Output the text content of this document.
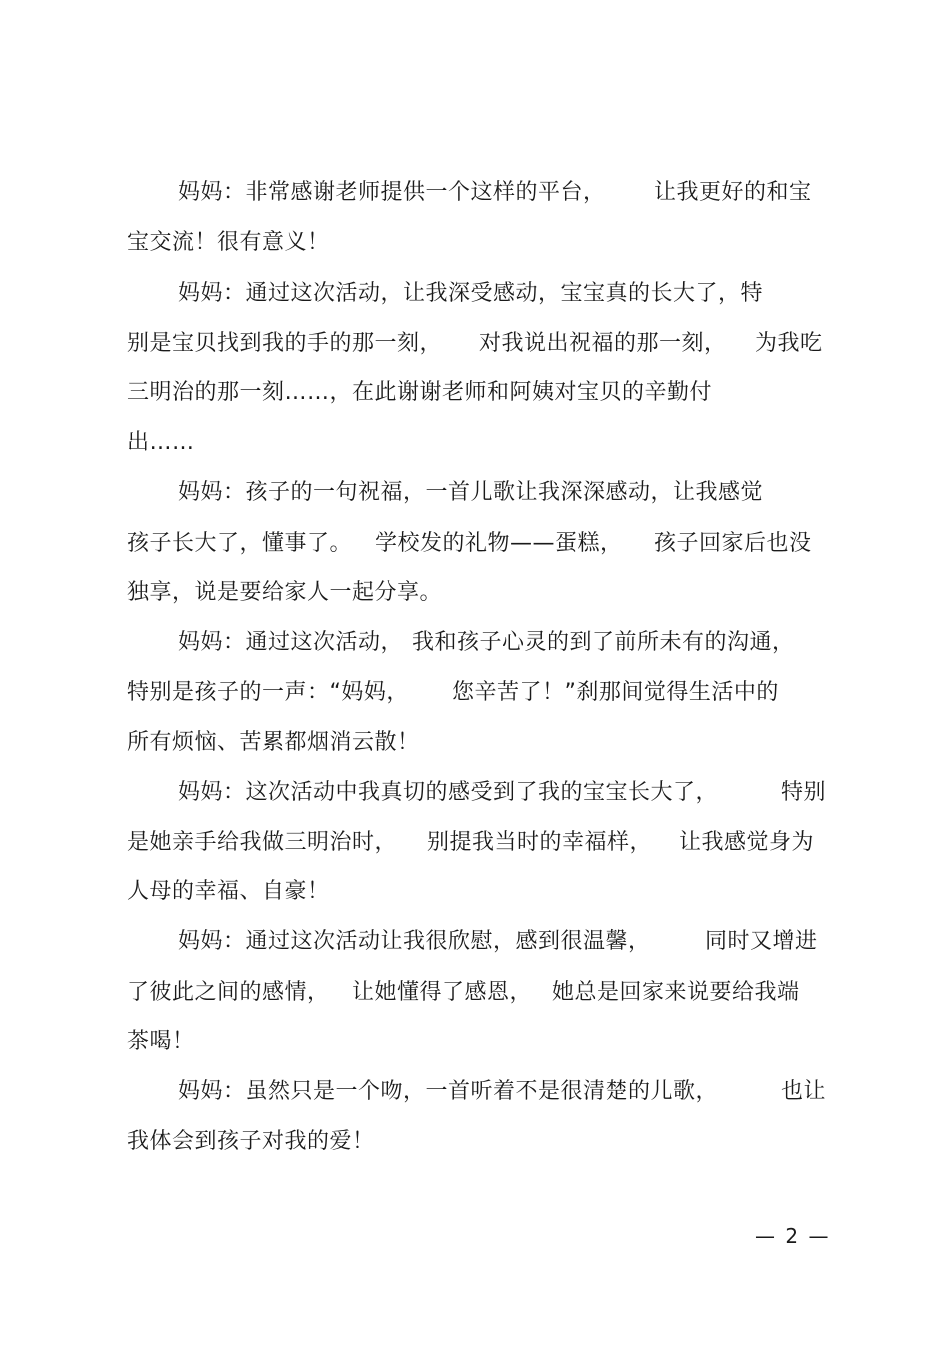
妈妈：非常感谢老师提供一个这样的平台，

让我更好的和宝

宝交流！很有意义！

妈妈：通过这次活动，让我深受感动，宝宝真的长大了，特

别是宝贝找到我的手的那一刻，

对我说出祝福的那一刻，

为我吃

三明治的那一刻……，在此谢谢老师和阿姨对宝贝的辛勤付

出……

妈妈：孩子的一句祝福，一首儿歌让我深深感动，让我感觉

孩子长大了，懂事了。

学校发的礼物——蛋糕，

孩子回家后也没

独享，说是要给家人一起分享。

妈妈：通过这次活动，

我和孩子心灵的到了前所未有的沟通，

特别是孩子的一声：“妈妈，

您辛苦了！”刹那间觉得生活中的

所有烦恼、苦累都烟消云散！

妈妈：这次活动中我真切的感受到了我的宝宝长大了，

	特别

是她亲手给我做三明治时，

别提我当时的幸福样，

让我感觉身为

人母的幸福、自豪！

妈妈：通过这次活动让我很欣慰，感到很温馨，

同时又增进

了彼此之间的感情，

让她懂得了感恩，

她总是回家来说要给我端

茶喝！

妈妈：虽然只是一个吻，一首听着不是很清楚的儿歌，

	也让

我体会到孩子对我的爱！

— 2 —
